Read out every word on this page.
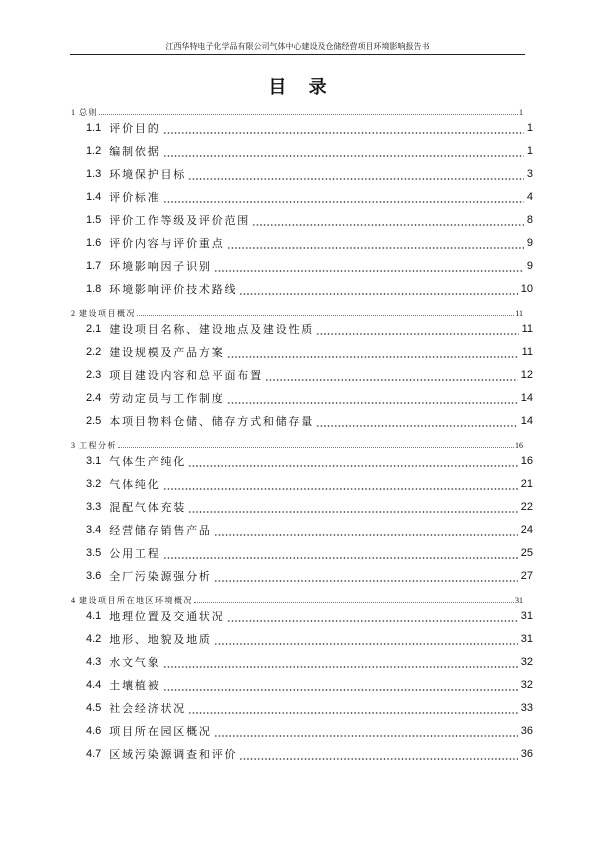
江西华特电子化学品有限公司气体中心建设及仓储经营项目环境影响报告书
目 录
1 总则	1
1.1 评价目的	1
1.2 编制依据	1
1.3 环境保护目标	3
1.4 评价标准	4
1.5 评价工作等级及评价范围	8
1.6 评价内容与评价重点	9
1.7 环境影响因子识别	9
1.8 环境影响评价技术路线	10
2 建设项目概况	11
2.1 建设项目名称、建设地点及建设性质	11
2.2 建设规模及产品方案	11
2.3 项目建设内容和总平面布置	12
2.4 劳动定员与工作制度	14
2.5 本项目物料仓储、储存方式和储存量	14
3 工程分析	16
3.1 气体生产纯化	16
3.2 气体纯化	21
3.3 混配气体充装	22
3.4 经营储存销售产品	24
3.5 公用工程	25
3.6 全厂污染源强分析	27
4 建设项目所在地区环境概况	31
4.1 地理位置及交通状况	31
4.2 地形、地貌及地质	31
4.3 水文气象	32
4.4 土壤植被	32
4.5 社会经济状况	33
4.6 项目所在园区概况	36
4.7 区域污染源调查和评价	36
